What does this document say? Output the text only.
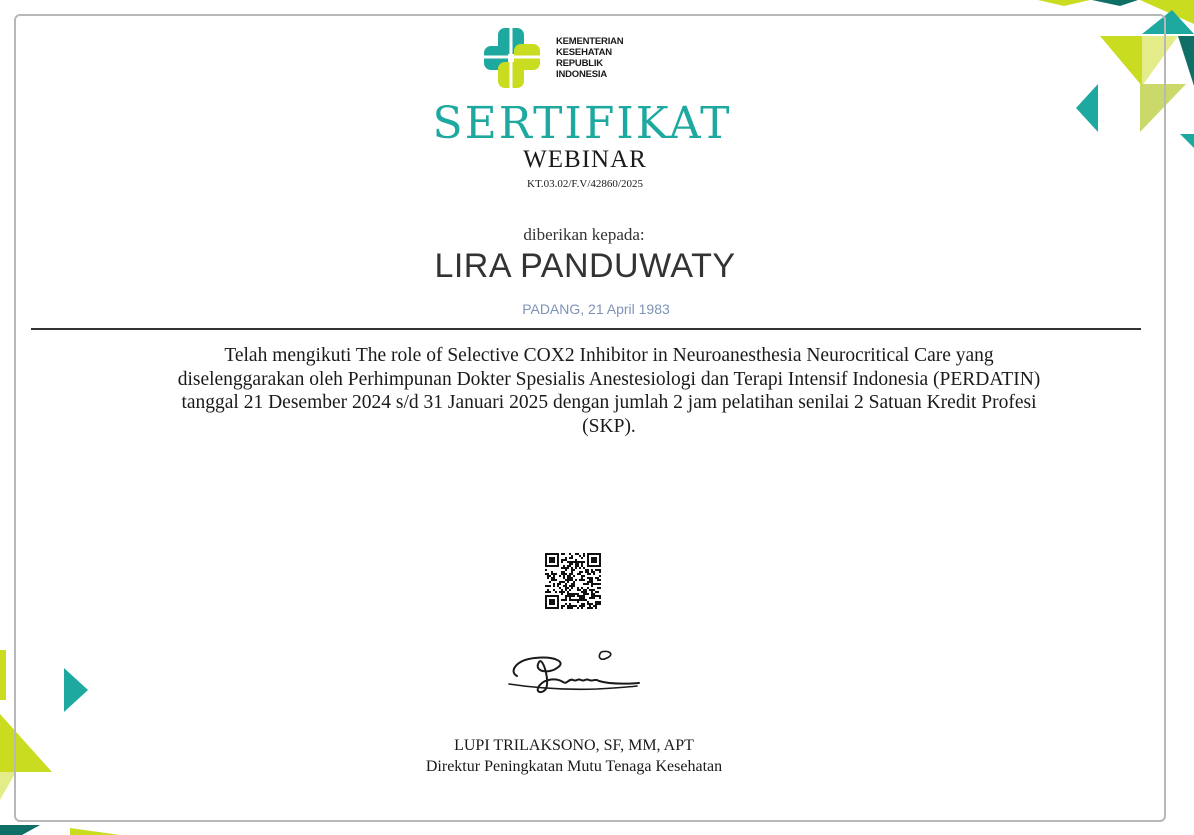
KEMENTERIAN
KESEHATAN
REPUBLIK
INDONESIA
SERTIFIKAT
WEBINAR
KT.03.02/F.V/42860/2025
diberikan kepada:
LIRA PANDUWATY
PADANG, 21 April 1983
Telah mengikuti The role of Selective COX2 Inhibitor in Neuroanesthesia Neurocritical Care yang
diselenggarakan oleh Perhimpunan Dokter Spesialis Anestesiologi dan Terapi Intensif Indonesia (PERDATIN)
tanggal 21 Desember 2024 s/d 31 Januari 2025 dengan jumlah 2 jam pelatihan senilai 2 Satuan Kredit Profesi
(SKP).
LUPI TRILAKSONO, SF, MM, APT
Direktur Peningkatan Mutu Tenaga Kesehatan
